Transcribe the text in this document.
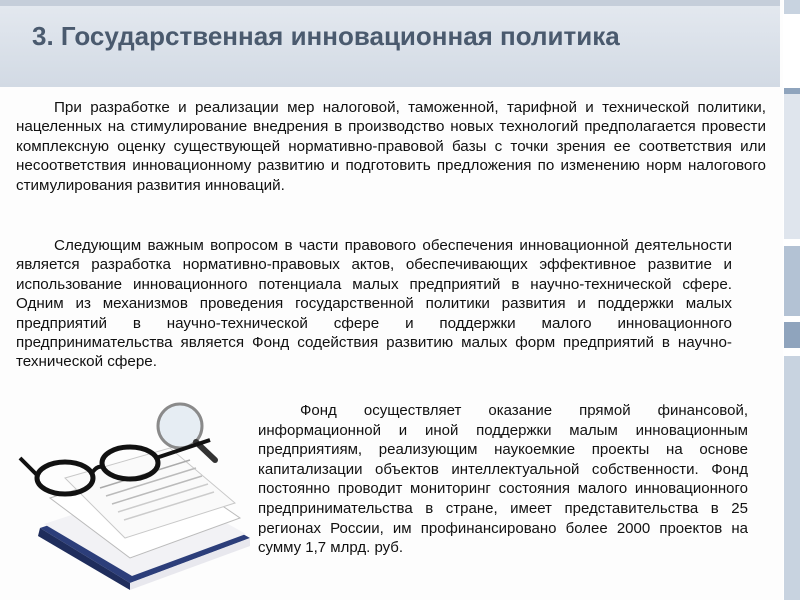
3. Государственная инновационная политика

При разработке и реализации мер налоговой, таможенной, тарифной и технической политики, нацеленных на стимулирование внедрения в производство новых технологий предполагается провести комплексную оценку существующей нормативно-правовой базы с точки зрения ее соответствия или несоответствия инновационному развитию и подготовить предложения по изменению норм налогового стимулирования развития инноваций.

Следующим важным вопросом в части правового обеспечения инновационной деятельности является разработка нормативно-правовых актов, обеспечивающих эффективное развитие и использование инновационного потенциала малых предприятий в научно-технической сфере. Одним из механизмов проведения государственной политики развития и поддержки малых предприятий в научно-технической сфере и поддержки малого инновационного предпринимательства является Фонд содействия развитию малых форм предприятий в научно-технической сфере.

Фонд осуществляет оказание прямой финансовой, информационной и иной поддержки малым инновационным предприятиям, реализующим наукоемкие проекты на основе капитализации объектов интеллектуальной собственности. Фонд постоянно проводит мониторинг состояния малого инновационного предпринимательства в стране, имеет представительства в 25 регионах России, им профинансировано более 2000 проектов на сумму 1,7 млрд. руб.
